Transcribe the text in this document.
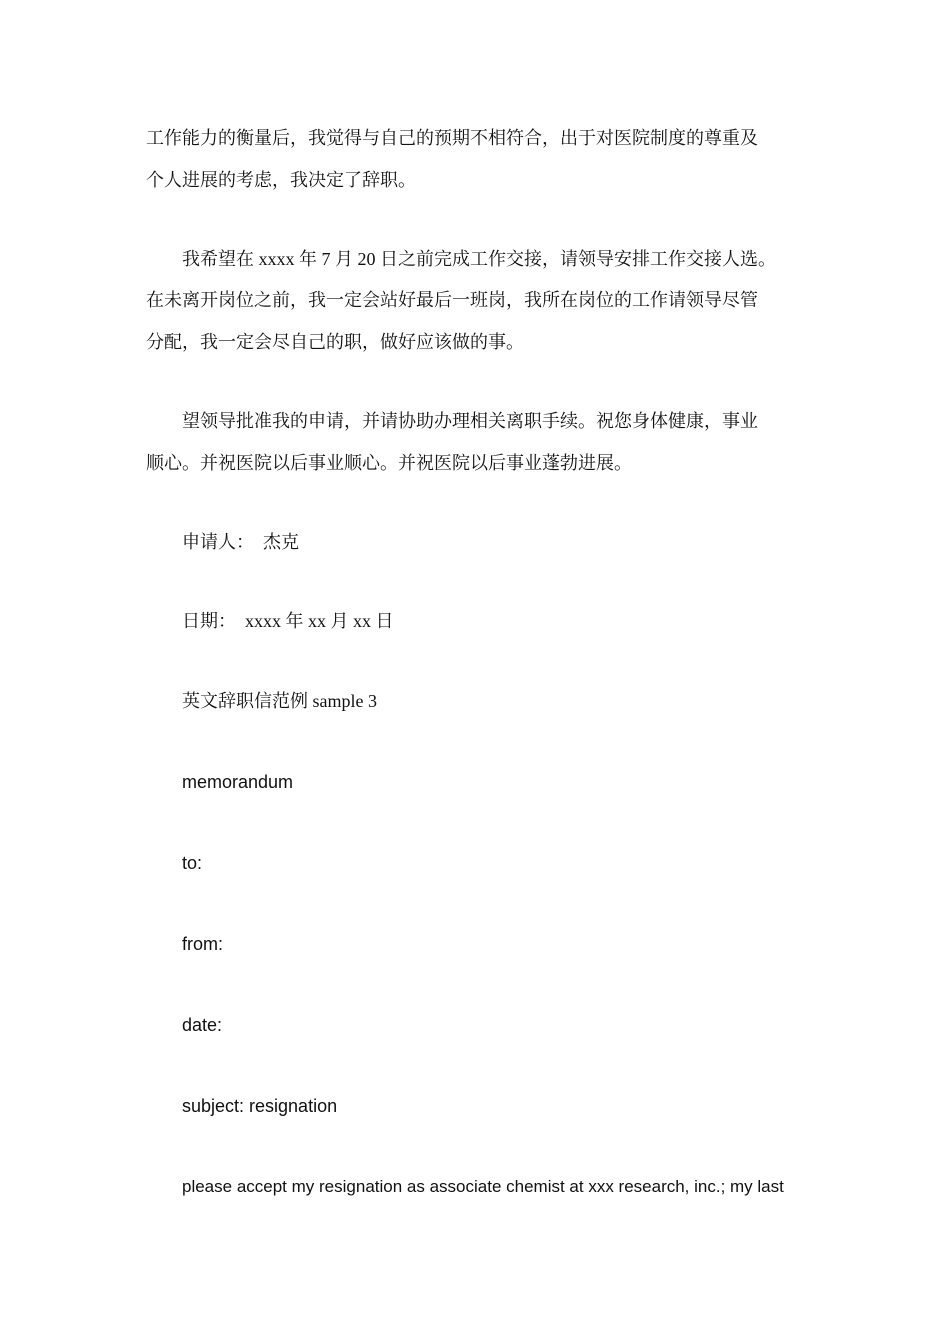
工作能力的衡量后，我觉得与自己的预期不相符合，出于对医院制度的尊重及

个人进展的考虑，我决定了辞职。

我希望在 xxxx 年 7 月 20 日之前完成工作交接，请领导安排工作交接人选。

在未离开岗位之前，我一定会站好最后一班岗，我所在岗位的工作请领导尽管

分配，我一定会尽自己的职，做好应该做的事。

望领导批准我的申请，并请协助办理相关离职手续。祝您身体健康，事业

顺心。并祝医院以后事业顺心。并祝医院以后事业蓬勃进展。

申请人：　杰克

日期：　xxxx 年 xx 月 xx 日

英文辞职信范例 sample 3

memorandum

to:

from:

date:

subject: resignation

please accept my resignation as associate chemist at xxx research, inc.; my last
